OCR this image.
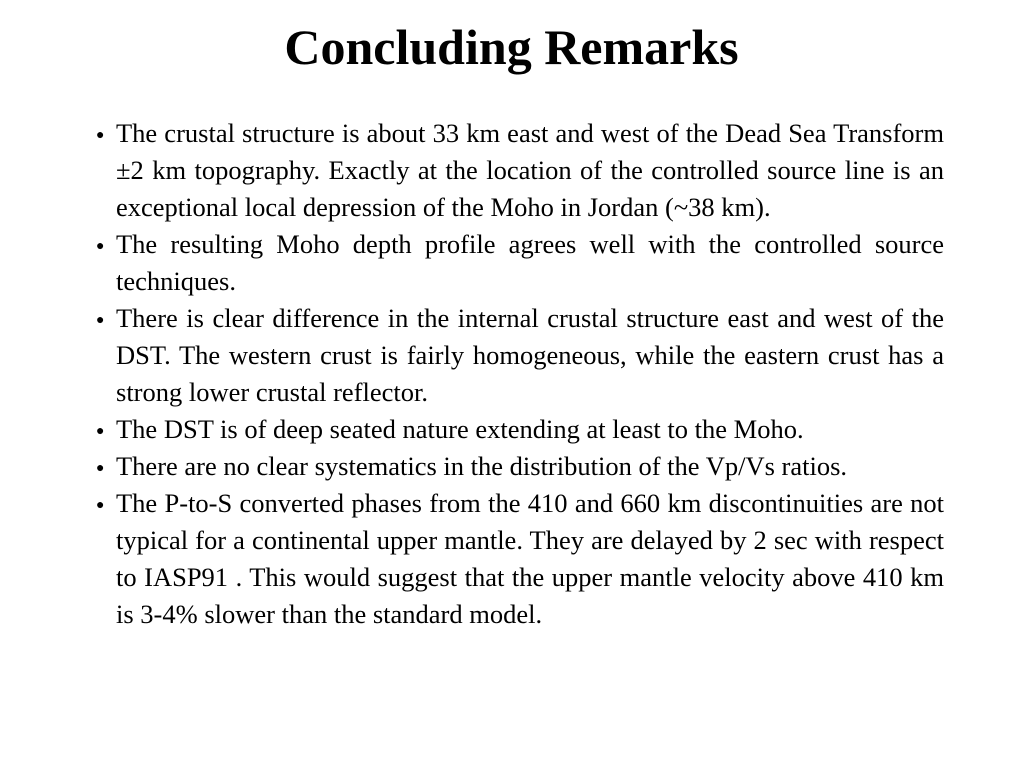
Concluding Remarks
● The crustal structure is about 33 km east and west of the Dead Sea Transform ±2 km topography. Exactly at the location of the controlled source line is an exceptional local depression of the Moho in Jordan (~38 km).
● The resulting Moho depth profile agrees well with the controlled source techniques.
● There is clear difference in the internal crustal structure east and west of the DST. The western crust is fairly homogeneous, while the eastern crust has a strong lower crustal reflector.
● The DST is of deep seated nature extending at least to the Moho.
● There are no clear systematics in the distribution of the Vp/Vs ratios.
● The P-to-S converted phases from the 410 and 660 km discontinuities are not typical for a continental upper mantle. They are delayed by 2 sec with respect to IASP91 . This would suggest that the upper mantle velocity above 410 km is 3-4% slower than the standard model.
